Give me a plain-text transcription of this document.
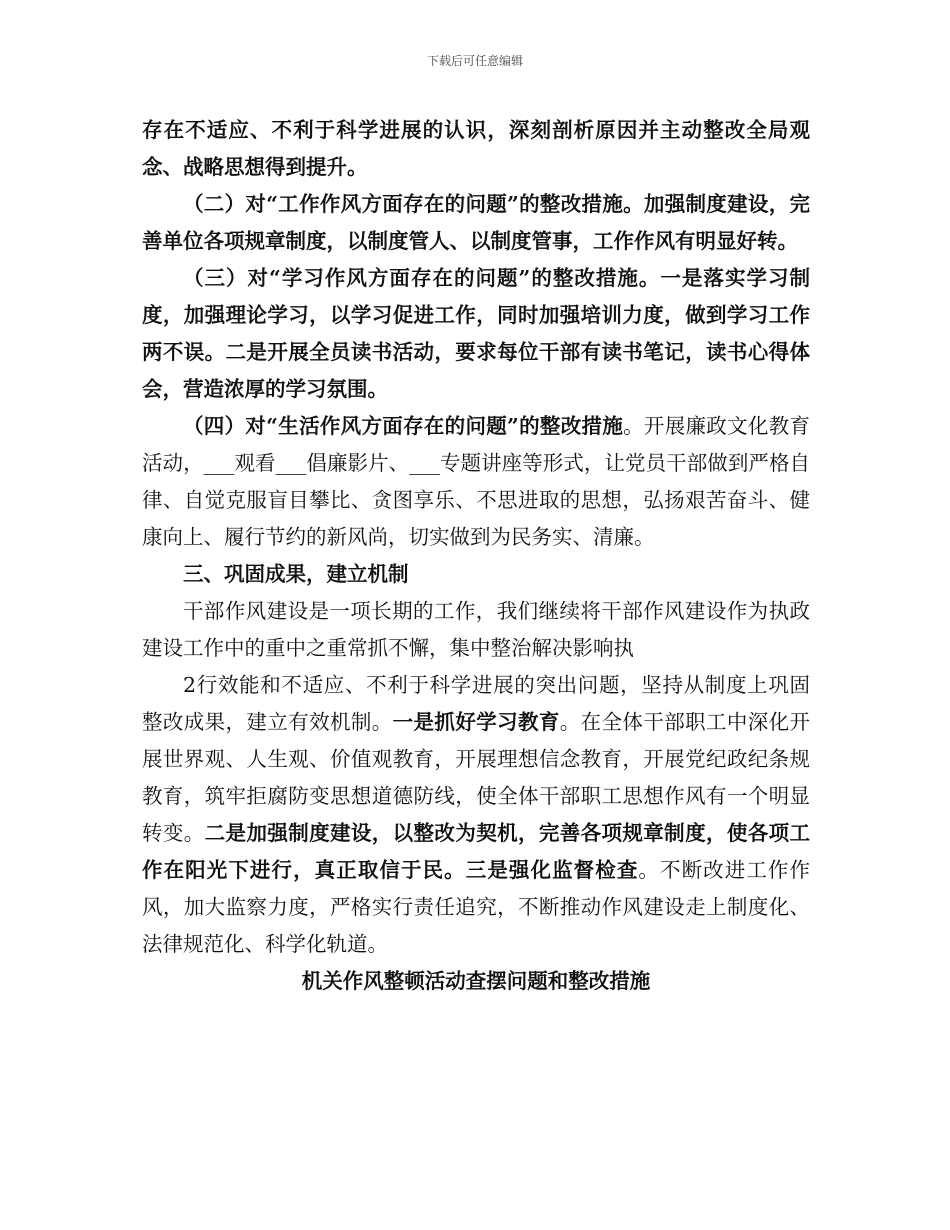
下载后可任意编辑

存在不适应、不利于科学进展的认识，深刻剖析原因并主动整改全局观念、战略思想得到提升。

（二）对“工作作风方面存在的问题”的整改措施。加强制度建设，完善单位各项规章制度，以制度管人、以制度管事，工作作风有明显好转。

（三）对“学习作风方面存在的问题”的整改措施。一是落实学习制度，加强理论学习，以学习促进工作，同时加强培训力度，做到学习工作两不误。二是开展全员读书活动，要求每位干部有读书笔记，读书心得体会，营造浓厚的学习氛围。

（四）对“生活作风方面存在的问题”的整改措施。开展廉政文化教育活动，___观看___倡廉影片、___专题讲座等形式，让党员干部做到严格自律、自觉克服盲目攀比、贪图享乐、不思进取的思想，弘扬艰苦奋斗、健康向上、履行节约的新风尚，切实做到为民务实、清廉。

三、巩固成果，建立机制

干部作风建设是一项长期的工作，我们继续将干部作风建设作为执政建设工作中的重中之重常抓不懈，集中整治解决影响执

2行效能和不适应、不利于科学进展的突出问题，坚持从制度上巩固整改成果，建立有效机制。一是抓好学习教育。在全体干部职工中深化开展世界观、人生观、价值观教育，开展理想信念教育，开展党纪政纪条规教育，筑牢拒腐防变思想道德防线，使全体干部职工思想作风有一个明显转变。二是加强制度建设，以整改为契机，完善各项规章制度，使各项工作在阳光下进行，真正取信于民。三是强化监督检查。不断改进工作作风，加大监察力度，严格实行责任追究，不断推动作风建设走上制度化、法律规范化、科学化轨道。

机关作风整顿活动查摆问题和整改措施
